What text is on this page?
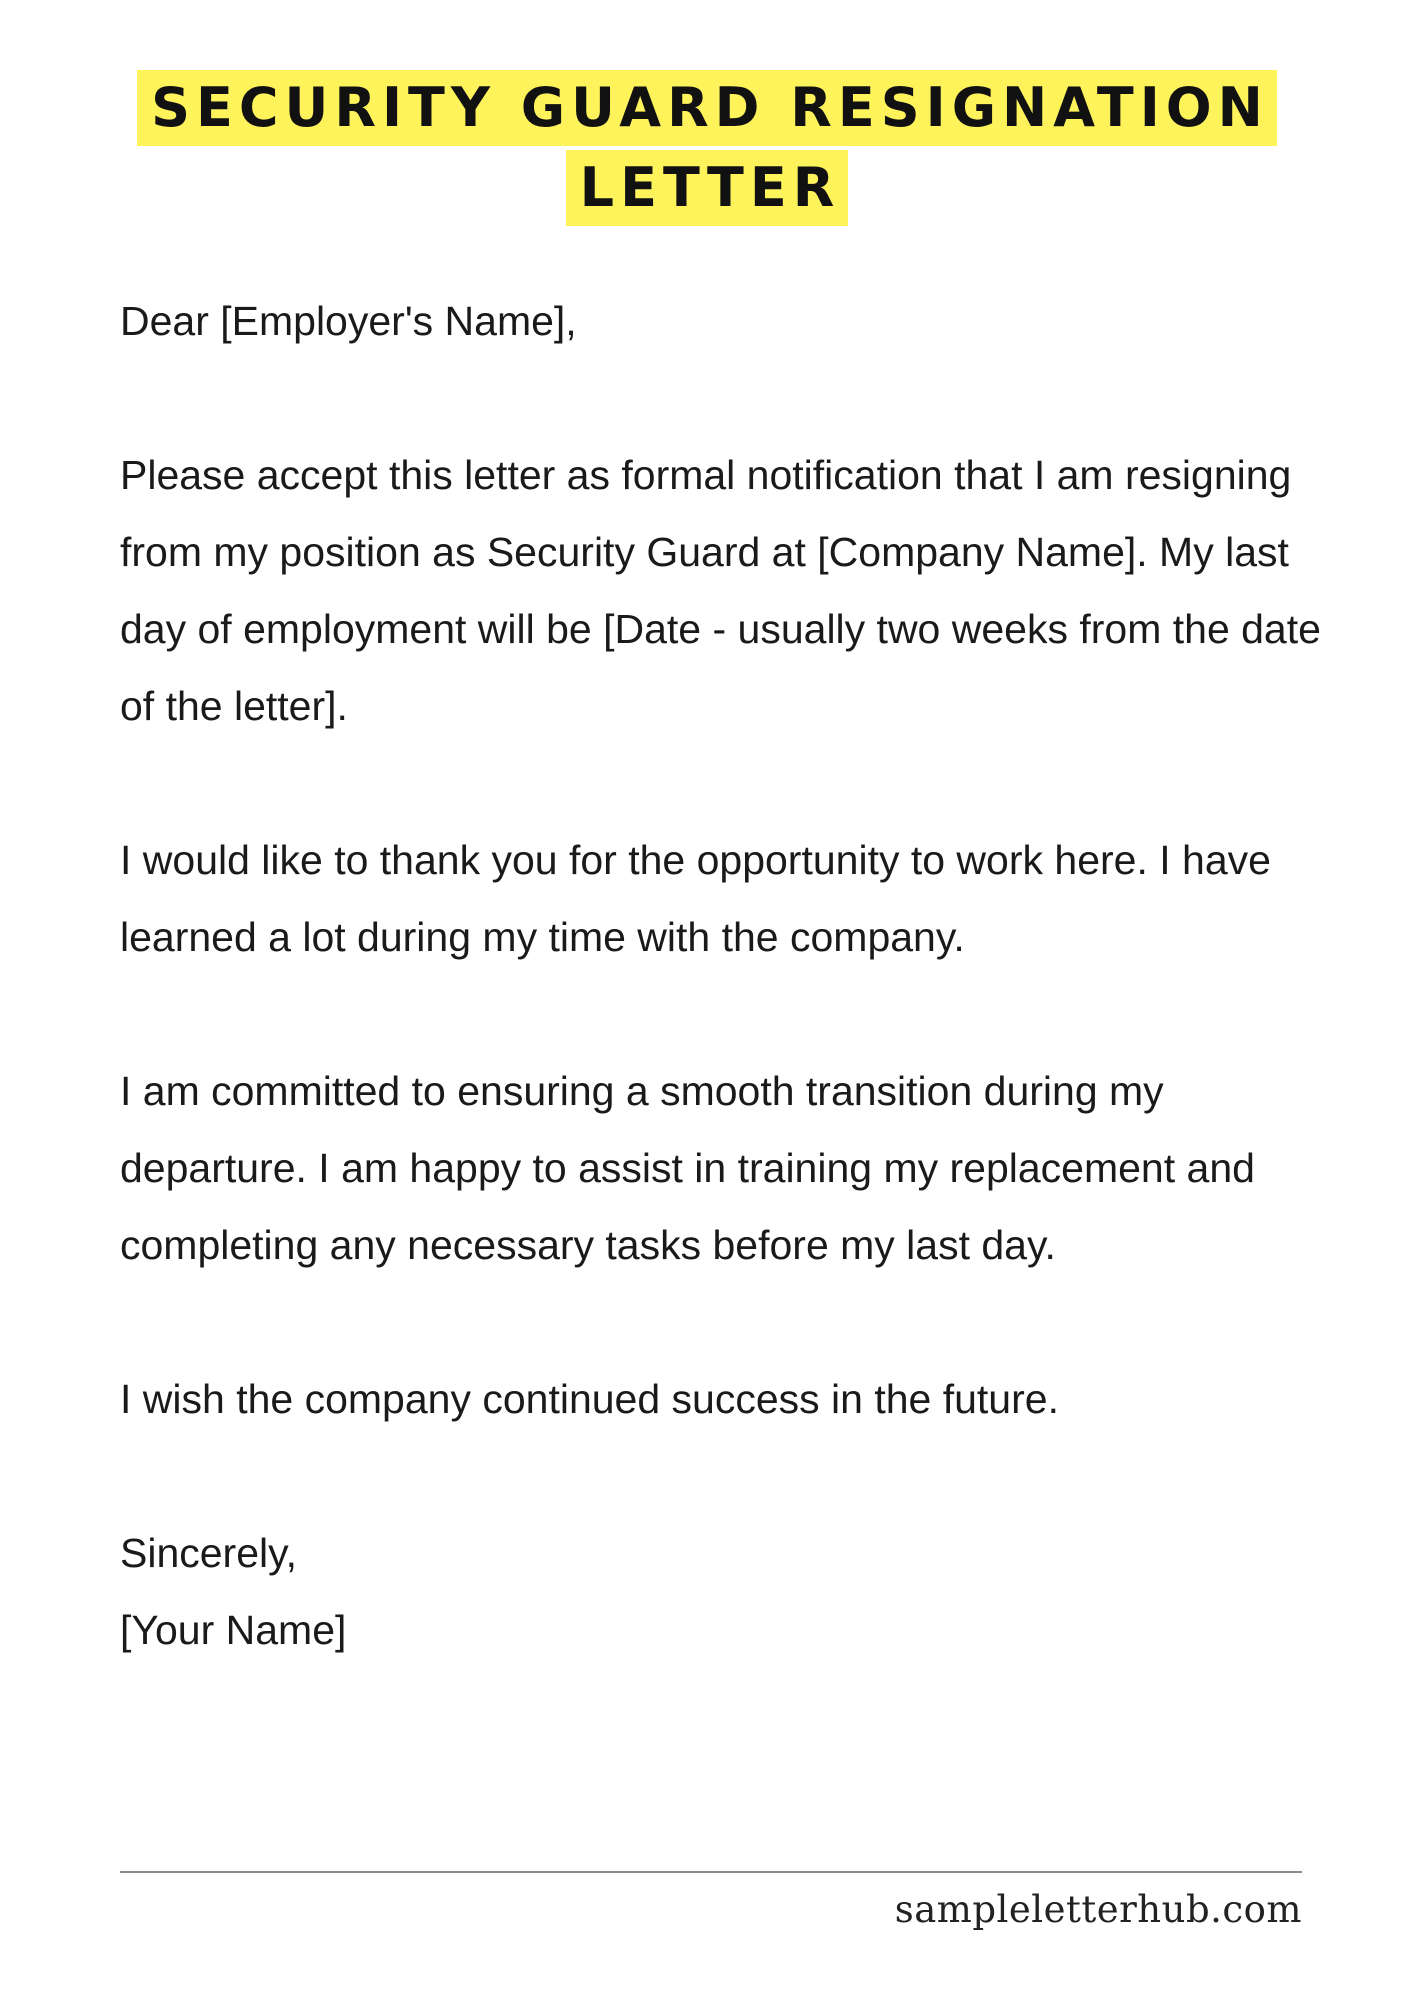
SECURITY GUARD RESIGNATION
LETTER

Dear [Employer's Name],

Please accept this letter as formal notification that I am resigning from my position as Security Guard at [Company Name]. My last day of employment will be [Date - usually two weeks from the date of the letter].

I would like to thank you for the opportunity to work here. I have learned a lot during my time with the company.

I am committed to ensuring a smooth transition during my departure. I am happy to assist in training my replacement and completing any necessary tasks before my last day.

I wish the company continued success in the future.

Sincerely,

[Your Name]

sampleletterhub.com
